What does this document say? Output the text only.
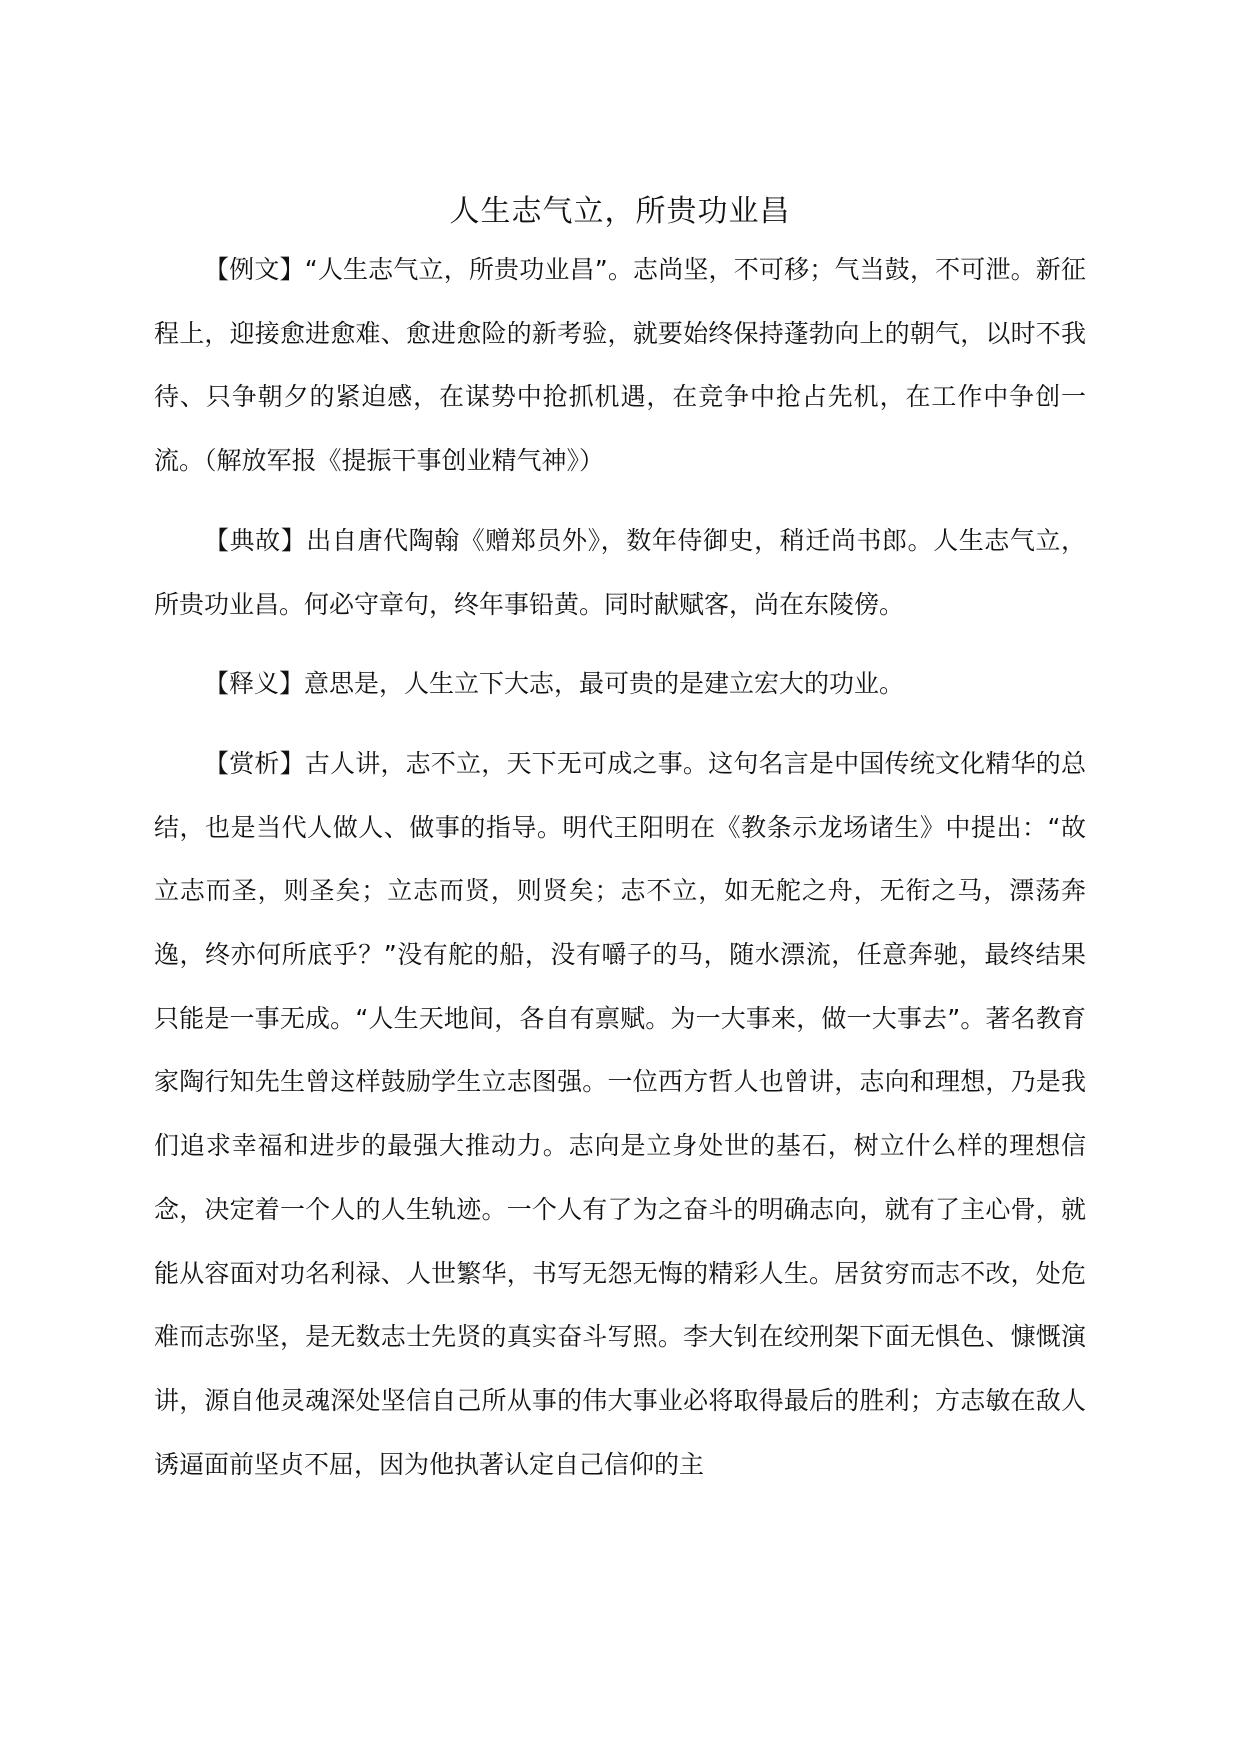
人生志气立，所贵功业昌

【例文】“人生志气立，所贵功业昌”。志尚坚，不可移；气当鼓，不可泄。新征程上，迎接愈进愈难、愈进愈险的新考验，就要始终保持蓬勃向上的朝气，以时不我待、只争朝夕的紧迫感，在谋势中抢抓机遇，在竞争中抢占先机，在工作中争创一流。（解放军报《提振干事创业精气神》）

【典故】出自唐代陶翰《赠郑员外》，数年侍御史，稍迁尚书郎。人生志气立，所贵功业昌。何必守章句，终年事铅黄。同时献赋客，尚在东陵傍。

【释义】意思是，人生立下大志，最可贵的是建立宏大的功业。

【赏析】古人讲，志不立，天下无可成之事。这句名言是中国传统文化精华的总结，也是当代人做人、做事的指导。明代王阳明在《教条示龙场诸生》中提出：“故立志而圣，则圣矣；立志而贤，则贤矣；志不立，如无舵之舟，无衔之马，漂荡奔逸，终亦何所底乎？”没有舵的船，没有嚼子的马，随水漂流，任意奔驰，最终结果只能是一事无成。“人生天地间，各自有禀赋。为一大事来，做一大事去”。著名教育家陶行知先生曾这样鼓励学生立志图强。一位西方哲人也曾讲，志向和理想，乃是我们追求幸福和进步的最强大推动力。志向是立身处世的基石，树立什么样的理想信念，决定着一个人的人生轨迹。一个人有了为之奋斗的明确志向，就有了主心骨，就能从容面对功名利禄、人世繁华，书写无怨无悔的精彩人生。居贫穷而志不改，处危难而志弥坚，是无数志士先贤的真实奋斗写照。李大钊在绞刑架下面无惧色、慷慨演讲，源自他灵魂深处坚信自己所从事的伟大事业必将取得最后的胜利；方志敏在敌人诱逼面前坚贞不屈，因为他执著认定自己信仰的主
